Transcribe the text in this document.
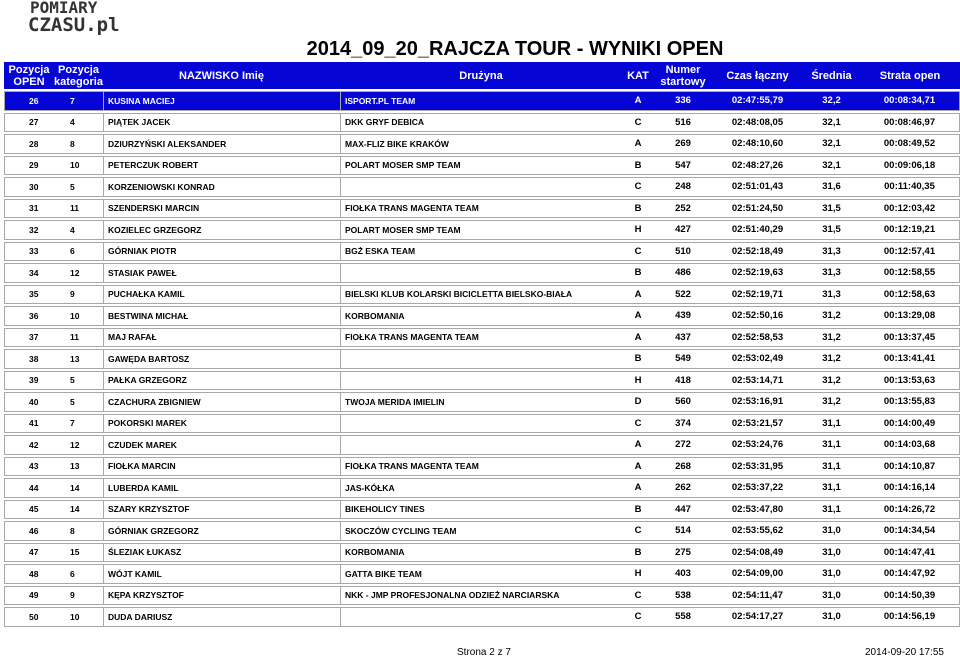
POMIARY
CZASU.pl
2014_09_20_RAJCZA TOUR - WYNIKI OPEN
Pozycja OPEN	Pozycja kategoria	NAZWISKO Imię	Drużyna	KAT	Numer startowy	Czas łączny	Średnia	Strata open
26	7	KUSINA MACIEJ	ISPORT.PL TEAM	A	336	02:47:55,79	32,2	00:08:34,71
27	4	PIĄTEK JACEK	DKK GRYF DEBICA	C	516	02:48:08,05	32,1	00:08:46,97
28	8	DZIURZYŃSKI ALEKSANDER	MAX-FLIZ BIKE KRAKÓW	A	269	02:48:10,60	32,1	00:08:49,52
29	10	PETERCZUK ROBERT	POLART MOSER SMP TEAM	B	547	02:48:27,26	32,1	00:09:06,18
30	5	KORZENIOWSKI KONRAD		C	248	02:51:01,43	31,6	00:11:40,35
31	11	SZENDERSKI MARCIN	FIOŁKA TRANS MAGENTA TEAM	B	252	02:51:24,50	31,5	00:12:03,42
32	4	KOZIELEC GRZEGORZ	POLART MOSER SMP TEAM	H	427	02:51:40,29	31,5	00:12:19,21
33	6	GÓRNIAK PIOTR	BGŻ ESKA TEAM	C	510	02:52:18,49	31,3	00:12:57,41
34	12	STASIAK PAWEŁ		B	486	02:52:19,63	31,3	00:12:58,55
35	9	PUCHAŁKA KAMIL	BIELSKI KLUB KOLARSKI BICICLETTA BIELSKO-BIAŁA	A	522	02:52:19,71	31,3	00:12:58,63
36	10	BESTWINA MICHAŁ	KORBOMANIA	A	439	02:52:50,16	31,2	00:13:29,08
37	11	MAJ RAFAŁ	FIOŁKA TRANS MAGENTA TEAM	A	437	02:52:58,53	31,2	00:13:37,45
38	13	GAWĘDA BARTOSZ		B	549	02:53:02,49	31,2	00:13:41,41
39	5	PAŁKA GRZEGORZ		H	418	02:53:14,71	31,2	00:13:53,63
40	5	CZACHURA ZBIGNIEW	TWOJA MERIDA IMIELIN	D	560	02:53:16,91	31,2	00:13:55,83
41	7	POKORSKI MAREK		C	374	02:53:21,57	31,1	00:14:00,49
42	12	CZUDEK MAREK		A	272	02:53:24,76	31,1	00:14:03,68
43	13	FIOŁKA MARCIN	FIOŁKA TRANS MAGENTA TEAM	A	268	02:53:31,95	31,1	00:14:10,87
44	14	LUBERDA KAMIL	JAS-KÓŁKA	A	262	02:53:37,22	31,1	00:14:16,14
45	14	SZARY KRZYSZTOF	BIKEHOLICY TINES	B	447	02:53:47,80	31,1	00:14:26,72
46	8	GÓRNIAK GRZEGORZ	SKOCZÓW CYCLING TEAM	C	514	02:53:55,62	31,0	00:14:34,54
47	15	ŚLEZIAK ŁUKASZ	KORBOMANIA	B	275	02:54:08,49	31,0	00:14:47,41
48	6	WÓJT KAMIL	GATTA BIKE TEAM	H	403	02:54:09,00	31,0	00:14:47,92
49	9	KĘPA KRZYSZTOF	NKK - JMP PROFESJONALNA ODZIEŻ NARCIARSKA	C	538	02:54:11,47	31,0	00:14:50,39
50	10	DUDA DARIUSZ		C	558	02:54:17,27	31,0	00:14:56,19
Strona 2 z 7	2014-09-20 17:55
